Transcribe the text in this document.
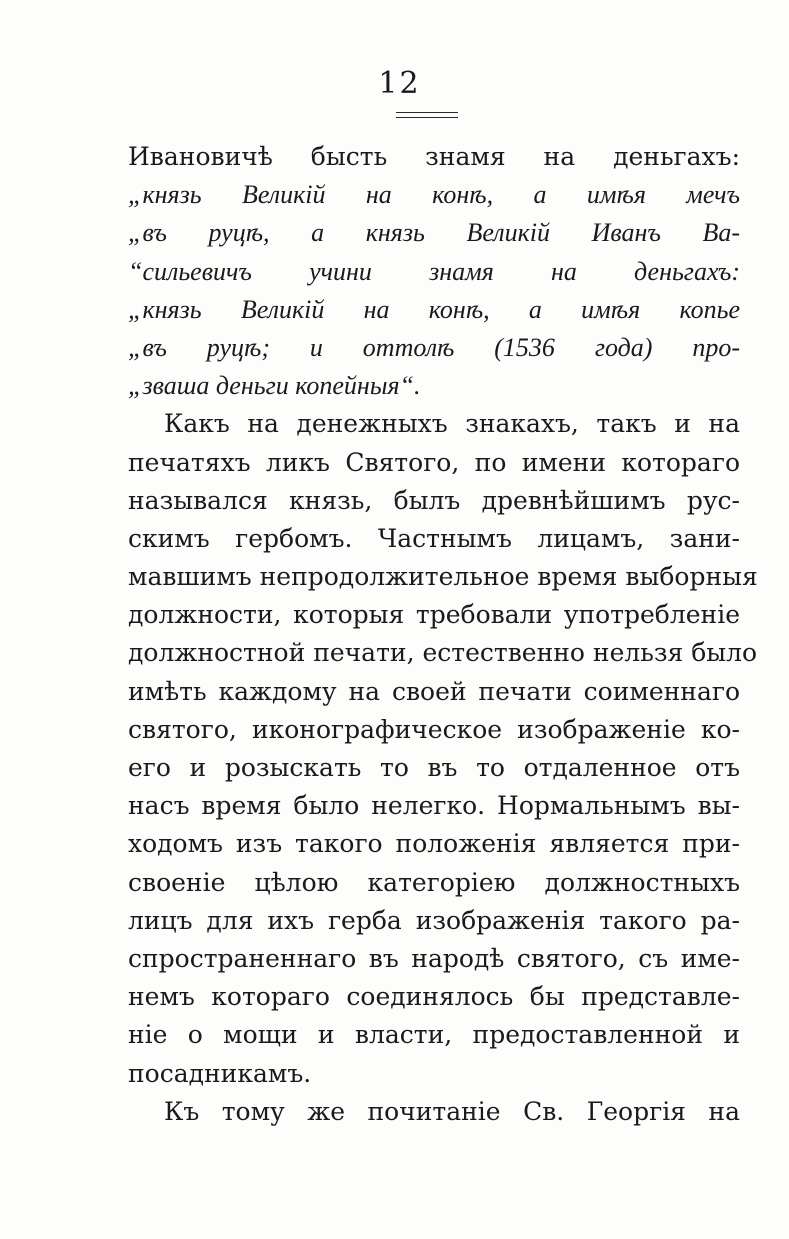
12
Ивановичѣ бысть знамя на деньгахъ:
„князь Великій на конѣ, а имѣя мечъ
„въ руцѣ, а князь Великій Иванъ Ва-
“сильевичъ учини знамя на деньгахъ:
„князь Великій на конѣ, а имѣя копье
„въ руцѣ; и оттолѣ (1536 года) про-
„зваша деньги копейныя“.
Какъ на денежныхъ знакахъ, такъ и на
печатяхъ ликъ Святого, по имени котораго
назывался князь, былъ древнѣйшимъ рус-
скимъ гербомъ. Частнымъ лицамъ, зани-
мавшимъ непродолжительное время выборныя
должности, которыя требовали употребленіе
должностной печати, естественно нельзя было
имѣть каждому на своей печати соименнаго
святого, иконографическое изображеніе ко-
его и розыскать то въ то отдаленное отъ
насъ время было нелегко. Нормальнымъ вы-
ходомъ изъ такого положенія является при-
своеніе цѣлою категоріею должностныхъ
лицъ для ихъ герба изображенія такого ра-
спространеннаго въ народѣ святого, съ име-
немъ котораго соединялось бы представле-
ніе о мощи и власти, предоставленной и
посадникамъ.
Къ тому же почитаніе Св. Георгія на
